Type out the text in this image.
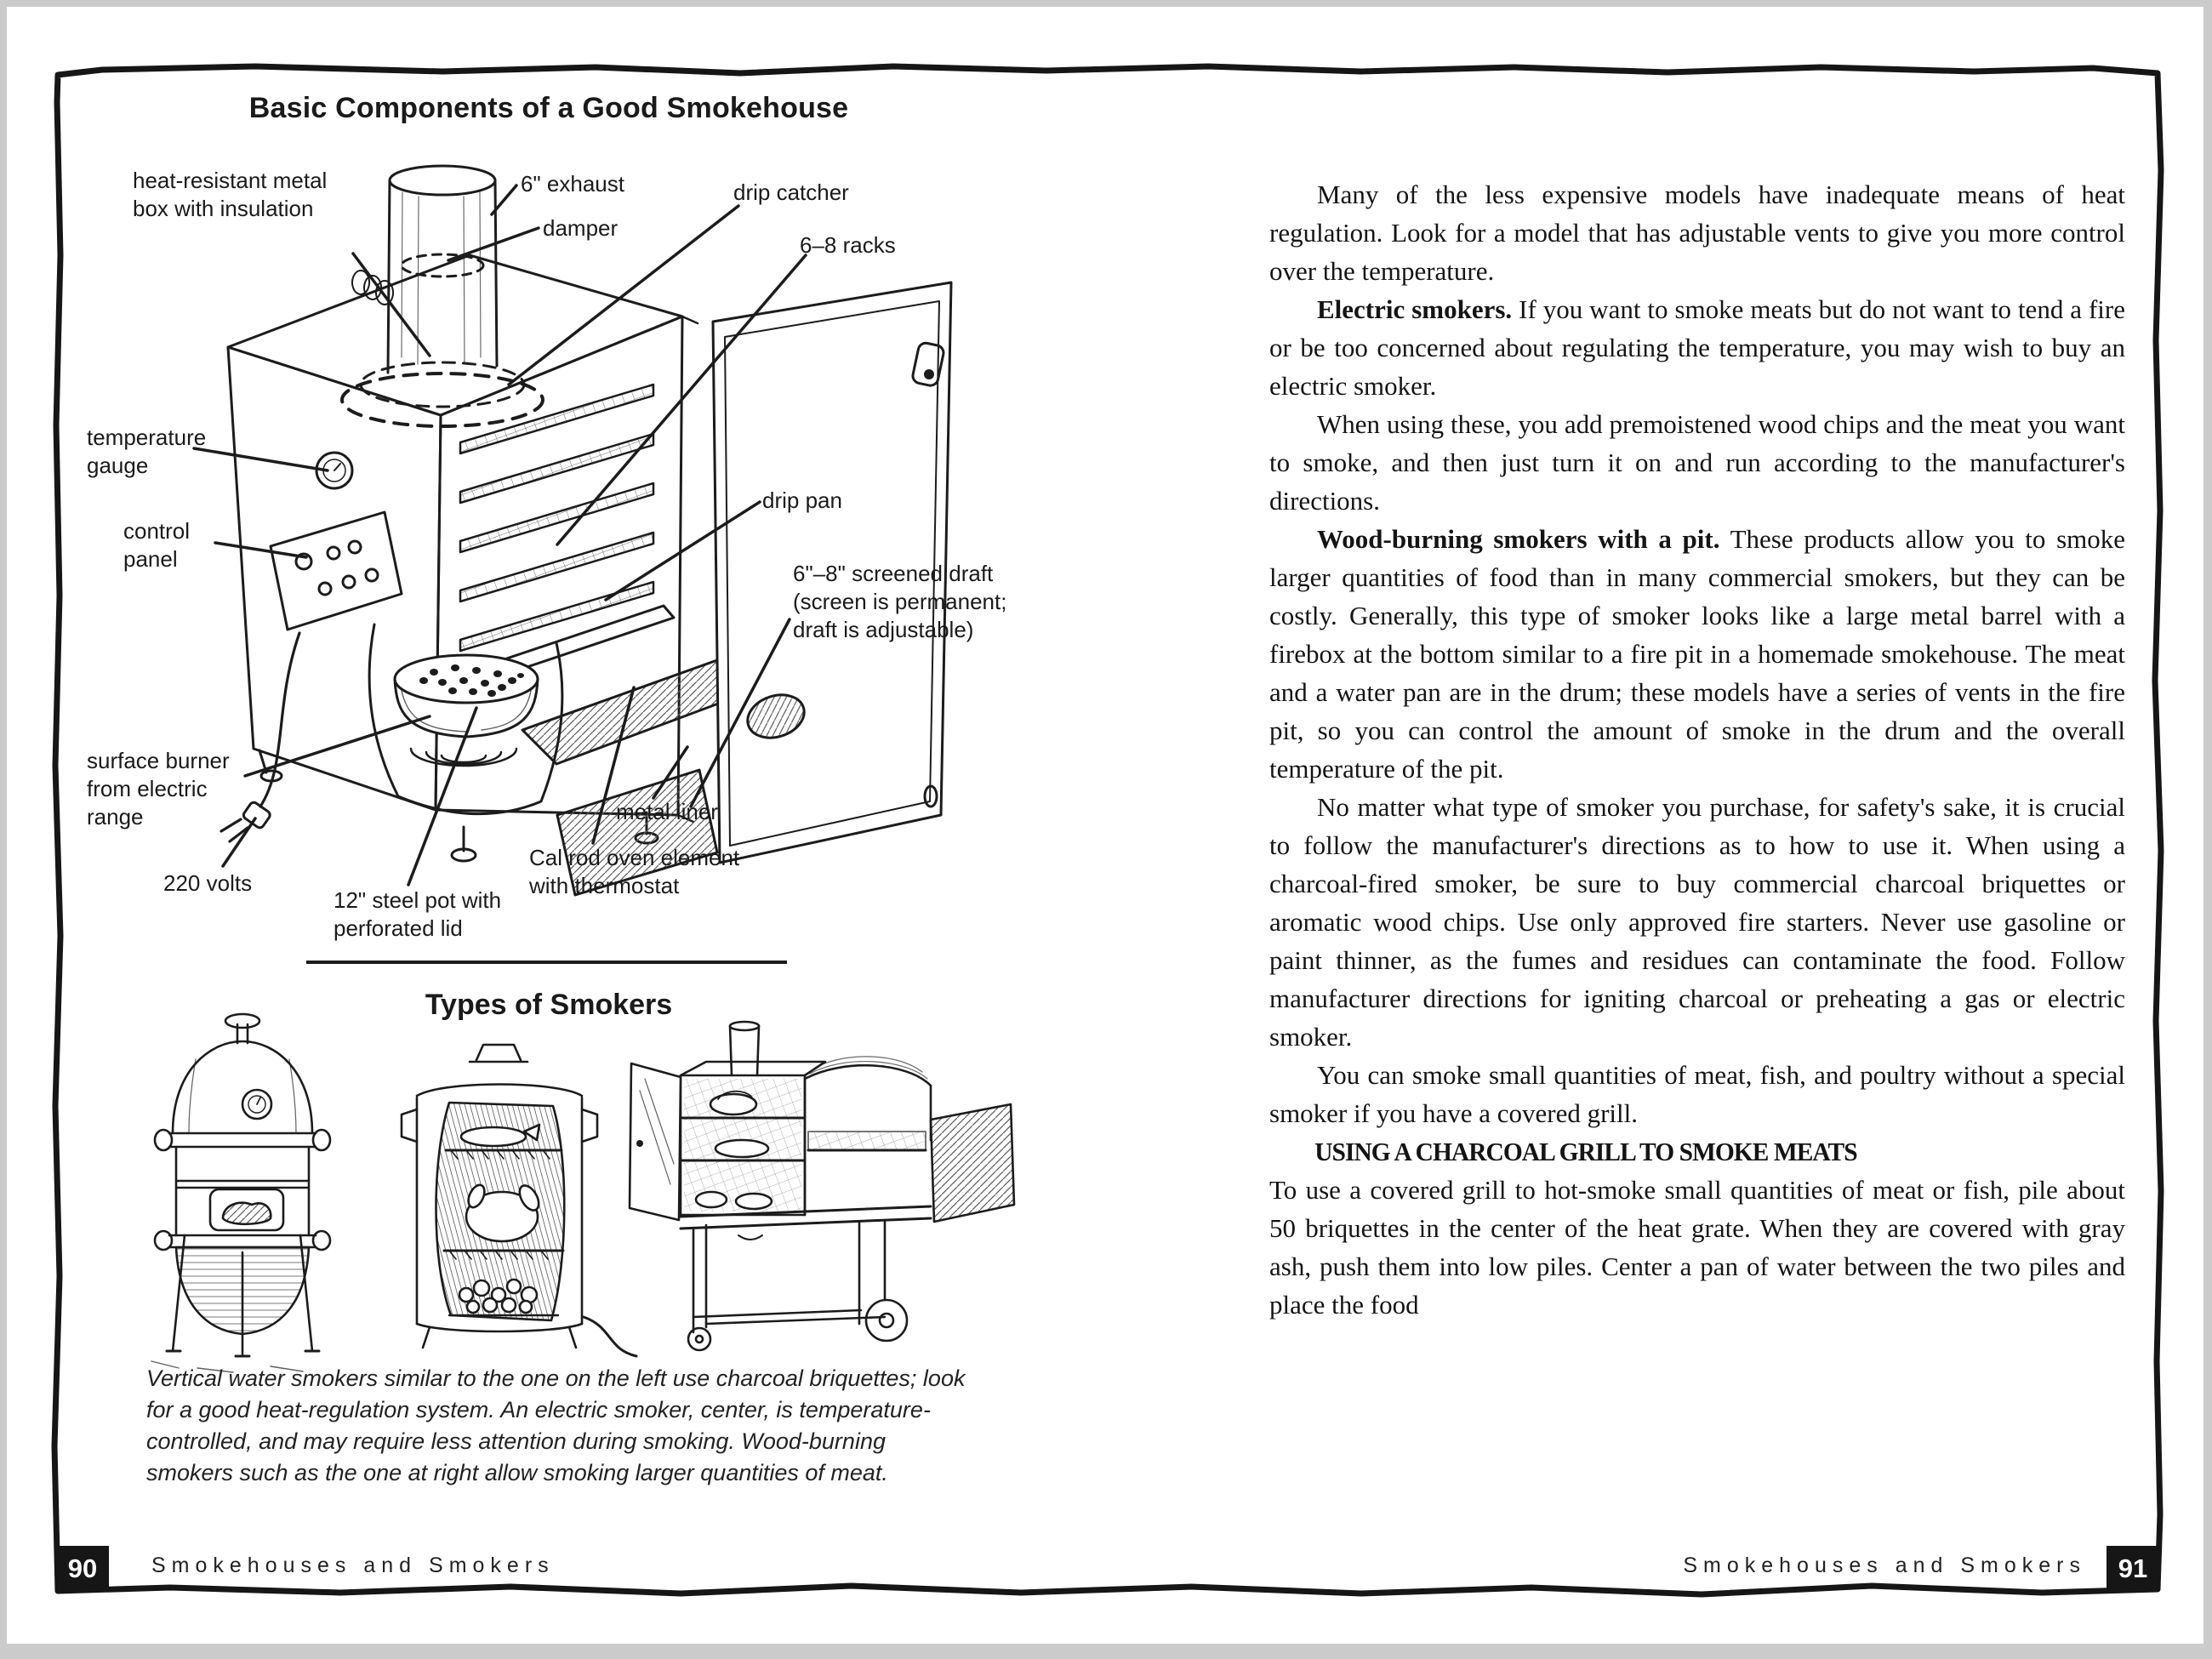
Basic Components of a Good Smokehouse
heat-resistant metal
box with insulation
6" exhaust
damper
drip catcher
6–8 racks
temperature
gauge
control
panel
drip pan
6"–8" screened draft
(screen is permanent;
draft is adjustable)
surface burner
from electric
range	metal liner
Cal rod oven element
with thermostat
220 volts
12" steel pot with
perforated lid
Types of Smokers
Vertical water smokers similar to the one on the left use charcoal briquettes; look for a good heat-regulation system. An electric smoker, center, is temperature-controlled, and may require less attention during smoking. Wood-burning smokers such as the one at right allow smoking larger quantities of meat.

Many of the less expensive models have inadequate means of heat regulation. Look for a model that has adjustable vents to give you more control over the temperature.

Electric smokers. If you want to smoke meats but do not want to tend a fire or be too concerned about regulating the temperature, you may wish to buy an electric smoker.

When using these, you add premoistened wood chips and the meat you want to smoke, and then just turn it on and run according to the manufacturer's directions.

Wood-burning smokers with a pit. These products allow you to smoke larger quantities of food than in many commercial smokers, but they can be costly. Generally, this type of smoker looks like a large metal barrel with a firebox at the bottom similar to a fire pit in a homemade smokehouse. The meat and a water pan are in the drum; these models have a series of vents in the fire pit, so you can control the amount of smoke in the drum and the overall temperature of the pit.

No matter what type of smoker you purchase, for safety's sake, it is crucial to follow the manufacturer's directions as to how to use it. When using a charcoal-fired smoker, be sure to buy commercial charcoal briquettes or aromatic wood chips. Use only approved fire starters. Never use gasoline or paint thinner, as the fumes and residues can contaminate the food. Follow manufacturer directions for igniting charcoal or preheating a gas or electric smoker.

You can smoke small quantities of meat, fish, and poultry without a special smoker if you have a covered grill.

USING A CHARCOAL GRILL TO SMOKE MEATS

To use a covered grill to hot-smoke small quantities of meat or fish, pile about 50 briquettes in the center of the heat grate. When they are covered with gray ash, push them into low piles. Center a pan of water between the two piles and place the food

90	Smokehouses and Smokers	Smokehouses and Smokers 91
